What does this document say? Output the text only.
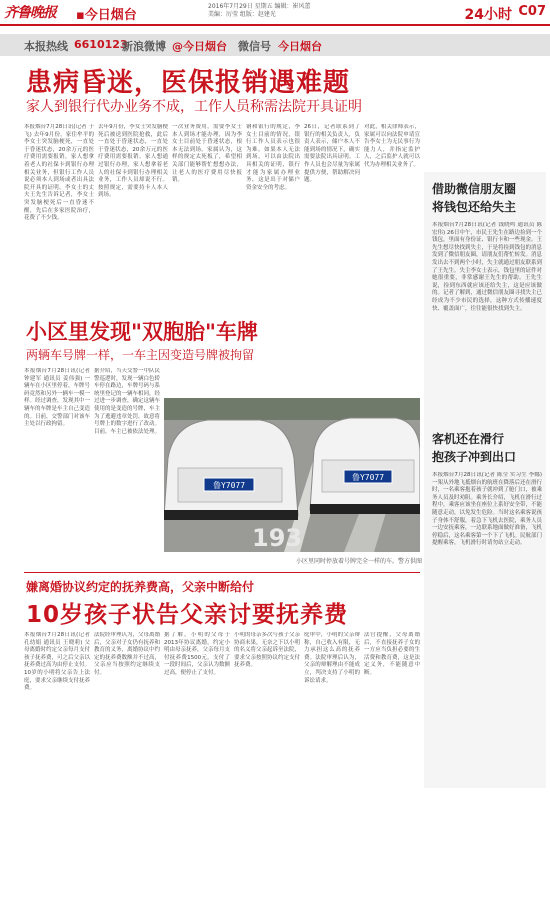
齐鲁晚报 ▪今日烟台
2016年7月29日 星期五 编辑：崔风蕾 美编：厉莹 组版：赵建光	24小时 C07
本报热线 6610123
新浪微博 @今日烟台 微信号 今日烟台
患病昏迷，医保报销遇难题
家人到银行代办业务不成，工作人员称需法院开具证明
本报烟台7月28日讯(记者 于飞) 去年9月份，家住牟平的李女士突发脑梗死，一直处于昏迷状态，20余万元的医疗费用需要报销，家人想拿着老人的社保卡到银行办理相关业务，但银行工作人员说必须本人到场或者出具法院开具的证明。李女士的丈夫王先生告诉记者，李女士突发脑梗死后一直昏迷不醒，先后在多家医院治疗，花费了不少钱。
去年9月份，李女士突发脑梗死后被送到医院抢救，此后一直处于昏迷状态，一直处于昏迷状态，20余万元的医疗费用需要报销。家人想通过银行办理，家人想拿着老人的社保卡到银行办理相关业务，工作人员却说不行。按照规定，需要持卡人本人到场。
一次业务费用，需要李女士本人到场才能办理，因为李女士目前处于昏迷状态，根本无法到场。家属认为，这样的规定太死板了，希望相关部门能够帮忙想想办法，让老人的医疗费用尽快报销。
钢和银行的规定，李女士目前的情况，银行工作人员表示也很为难，如果本人无法到场，可以由法院出具相关的证明，银行才能为家属办理业务，这是出于对储户资金安全的考虑。
26日，记者联系到了银行的相关负责人，负责人表示，储户本人不能到场的情况下，确实需要法院出具证明。工作人员也会尽量为家属提供方便，帮助解决问题。
对此，相关律师表示，家属可以向法院申请宣告李女士为无民事行为能力人，并指定监护人，之后监护人就可以代为办理相关业务了。
借助微信朋友圈
将钱包还给失主
本报烟台7月28日讯(记者 钱晓鸣 通讯员 陈宏伟) 26日中午，市民王先生在路边捡到一个钱包，里面有身份证、银行卡和一些现金。王先生想尽快找到失主，于是将捡到钱包的消息发到了微信朋友圈，请朋友们帮忙转发。消息发出去不到两个小时，失主就通过朋友联系到了王先生。失主李女士表示，钱包里的证件对她很重要，非常感谢王先生的帮助。王先生说，捡到东西就应该还给失主，这是应该做的。记者了解到，通过微信朋友圈寻找失主已经成为不少市民的选择，这种方式传播速度快、覆盖面广，往往能很快找到失主。
客机还在滑行
抱孩子冲到出口
本报烟台7月28日讯(记者 陈莹 实习生 李娜) 一架从外地飞抵烟台的航班在降落后还在滑行时，一名乘客抱着孩子就冲到了舱门口，被乘务人员及时劝阻。乘务长介绍，飞机在滑行过程中，乘客应该坐在座位上系好安全带，不能随意走动，以免发生危险。当时这名乘客说孩子身体不舒服，着急下飞机去医院，乘务人员一边安抚乘客，一边联系地面做好准备，飞机停稳后，这名乘客第一个下了飞机。民航部门提醒乘客，飞机滑行时请勿站立走动。
小区里发现"双胞胎"车牌
两辆车号牌一样，一车主因变造号牌被拘留
本报烟台7月28日讯(记者 钟建军 通讯员 姜伟强) 一辆车在小区里停着，车牌号码竟然和另外一辆车一模一样。经过调查，发现其中一辆车的车牌是车主自己变造的。日前，交警部门对该车主处以行政拘留。
据介绍，当天交警一中队民警巡逻时，发现一辆白色轿车停在路边，车牌号码与系统里登记的一辆车相同，经过进一步调查，确定这辆车使用的是变造的号牌，车主为了逃避违章处罚，故意将号牌上的数字进行了改动。目前，车主已被依法处理。
鲁Y7077
鲁Y7077
193
小区里同时停放着号牌完全一样的车。警方供图
嫌离婚协议约定的抚养费高，父亲中断给付
10岁孩子状告父亲讨要抚养费
本报烟台7月28日讯(记者 孔幼娟 通讯员 王晓莉) 父母离婚时约定父亲每月支付孩子抚养费，可之后父亲以抚养费过高为由停止支付。10岁的小明将父亲告上法庭，要求父亲继续支付抚养费。
法院经审理认为，父母离婚后，父亲对子女仍有抚养和教育的义务，离婚协议中约定的抚养费数额并不过高，父亲应当按照约定继续支付。
据了解，小明的父母于2013年协议离婚，约定小明由母亲抚养，父亲每月支付抚养费1500元。支付了一段时间后，父亲认为数额过高，便停止了支付。
小明的母亲多次与孩子父亲协商未果，无奈之下以小明的名义将父亲起诉至法院，要求父亲按照协议约定支付抚养费。
庭审中，小明的父亲辩称，自己收入有限，无力承担这么高的抚养费。法院审理后认为，父亲的辩解理由不能成立，判决支持了小明的诉讼请求。
法官提醒，父母离婚后，不直接抚养子女的一方应当负担必要的生活费和教育费，这是法定义务，不能随意中断。
